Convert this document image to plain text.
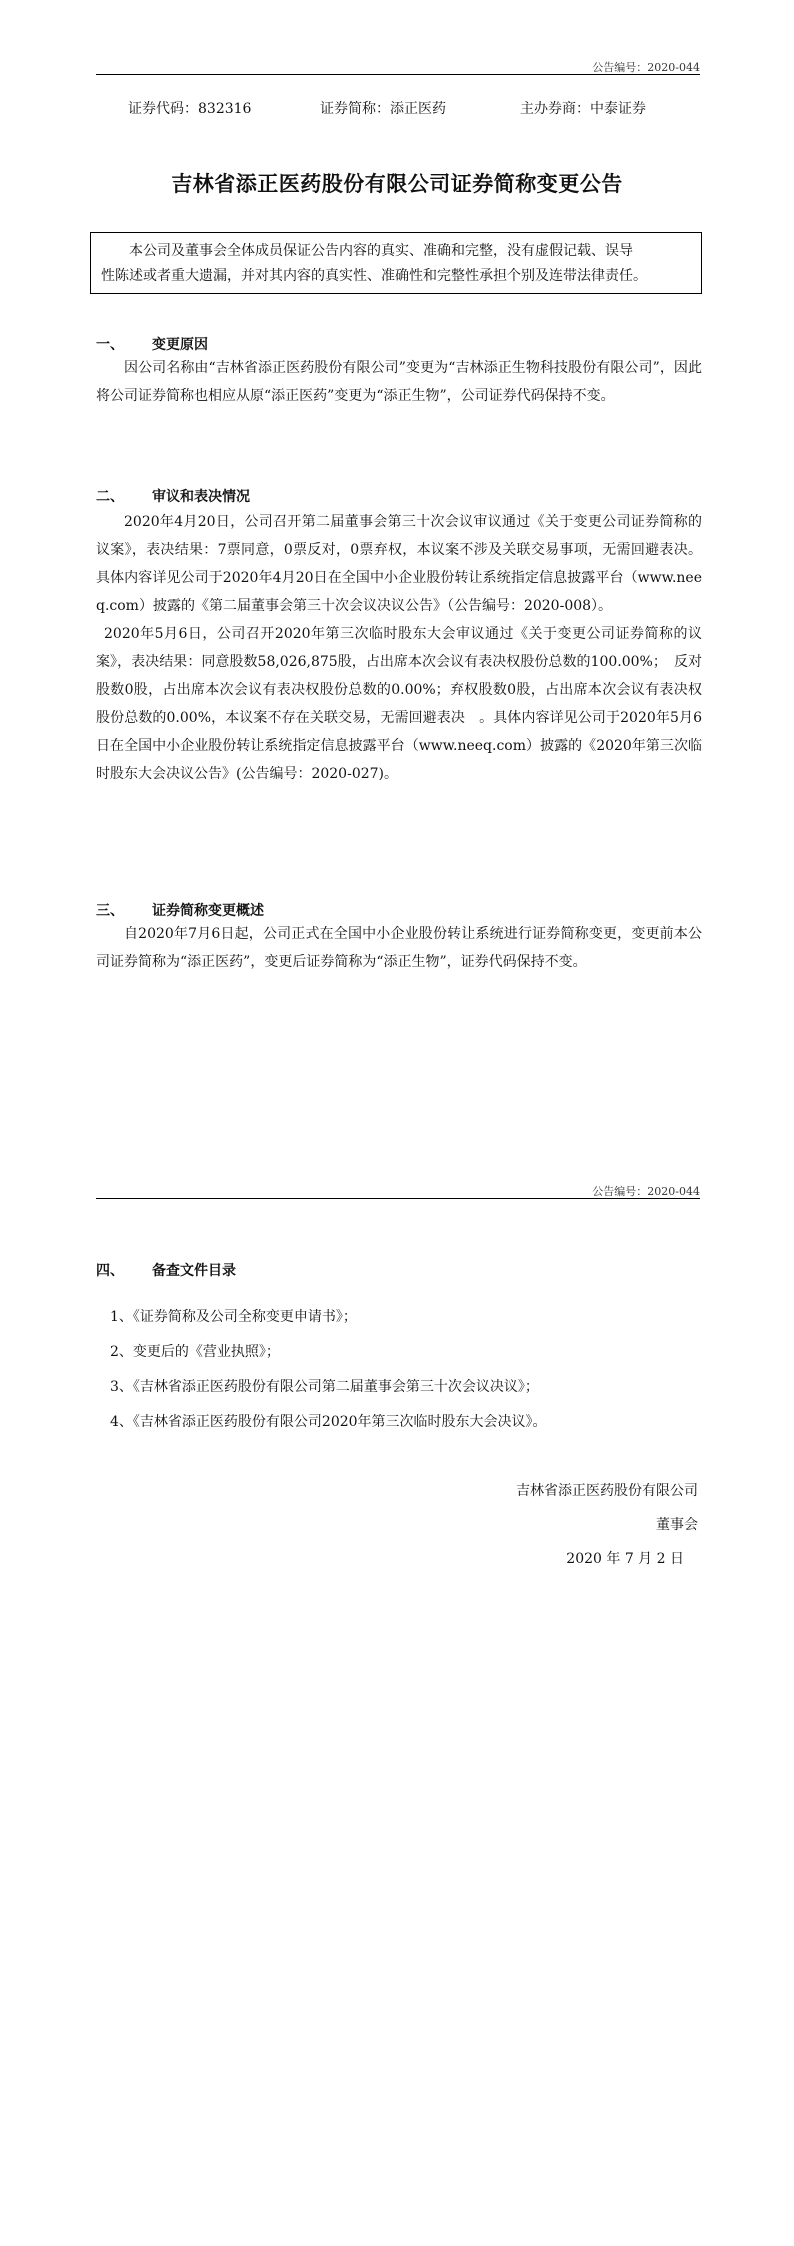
公告编号：2020-044
证券代码：832316	证券简称：添正医药	主办券商：中泰证券
吉林省添正医药股份有限公司证券简称变更公告
本公司及董事会全体成员保证公告内容的真实、准确和完整，没有虚假记载、误导
性陈述或者重大遗漏，并对其内容的真实性、准确性和完整性承担个别及连带法律责任。
一、 变更原因

因公司名称由“吉林省添正医药股份有限公司”变更为“吉林添正生物科技股份有限公司”，因此将公司证券简称也相应从原“添正医药”变更为“添正生物”，公司证券代码保持不变。

二、 审议和表决情况

2020年4月20日，公司召开第二届董事会第三十次会议审议通过《关于变更公司证券简称的议案》，表决结果：7票同意，0票反对，0票弃权，本议案不涉及关联交易事项，无需回避表决。具体内容详见公司于2020年4月20日在全国中小企业股份转让系统指定信息披露平台（www.neeq.com）披露的《第二届董事会第三十次会议决议公告》（公告编号：2020-008）。

2020年5月6日，公司召开2020年第三次临时股东大会审议通过《关于变更公司证券简称的议案》，表决结果：同意股数58,026,875股，占出席本次会议有表决权股份总数的100.00%；　反对股数0股，占出席本次会议有表决权股份总数的0.00%；弃权股数0股，占出席本次会议有表决权股份总数的0.00%，本议案不存在关联交易，无需回避表决　。具体内容详见公司于2020年5月6日在全国中小企业股份转让系统指定信息披露平台（www.neeq.com）披露的《2020年第三次临时股东大会决议公告》(公告编号：2020-027)。

三、 证券简称变更概述

自2020年7月6日起，公司正式在全国中小企业股份转让系统进行证券简称变更，变更前本公司证券简称为“添正医药”，变更后证券简称为“添正生物”，证券代码保持不变。

公告编号：2020-044
四、 备查文件目录
1、《证券简称及公司全称变更申请书》；
2、变更后的《营业执照》；
3、《吉林省添正医药股份有限公司第二届董事会第三十次会议决议》；
4、《吉林省添正医药股份有限公司2020年第三次临时股东大会决议》。
吉林省添正医药股份有限公司
董事会
2020 年 7 月 2 日
